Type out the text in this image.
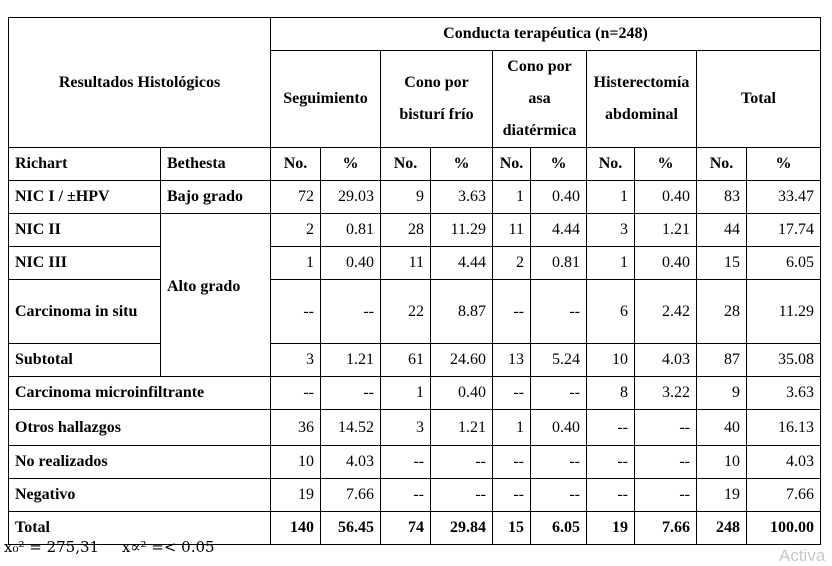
Resultados Histológicos		Conducta terapéutica (n=248)									
		Seguimiento		Cono por bisturí frío		Cono por asa diatérmica		Histerectomía abdominal		Total	
Richart	Bethesta	No.	%	No.	%	No.	%	No.	%	No.	%
NIC I / ±HPV	Bajo grado	72	29.03	9	3.63	1	0.40	1	0.40	83	33.47
NIC II	Alto grado	2	0.81	28	11.29	11	4.44	3	1.21	44	17.74
NIC III		1	0.40	11	4.44	2	0.81	1	0.40	15	6.05
Carcinoma in situ		--	--	22	8.87	--	--	6	2.42	28	11.29
Subtotal		3	1.21	61	24.60	13	5.24	10	4.03	87	35.08
Carcinoma microinfiltrante		--	--	1	0.40	--	--	8	3.22	9	3.63
Otros hallazgos		36	14.52	3	1.21	1	0.40	--	--	40	16.13
No realizados		10	4.03	--	--	--	--	--	--	10	4.03
Negativo		19	7.66	--	--	--	--	--	--	19	7.66
Total		140	56.45	74	29.84	15	6.05	19	7.66	248	100.00
x₀² = 275,31 x∝² =< 0.05	Activa
